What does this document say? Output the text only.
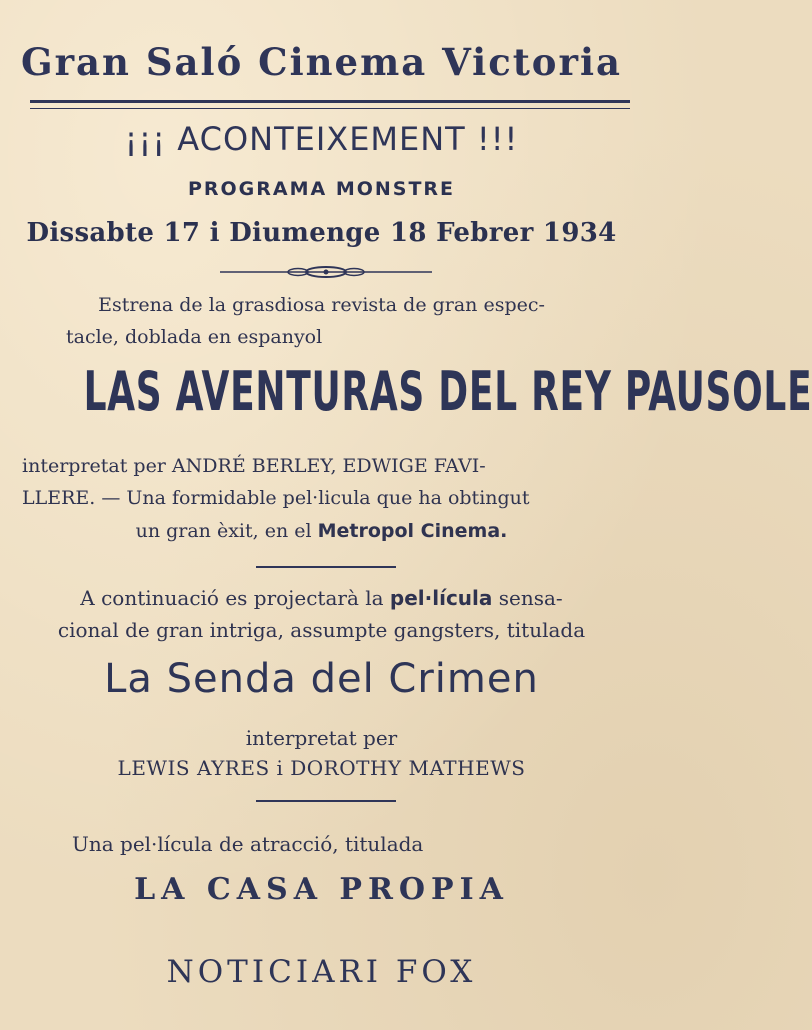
Gran Saló Cinema Victoria

¡¡¡ ACONTEIXEMENT !!!

PROGRAMA MONSTRE

Dissabte 17 i Diumenge 18 Febrer 1934

Estrena de la grasdiosa revista de gran espec-

tacle, doblada en espanyol

LAS AVENTURAS DEL REY PAUSOLE

interpretat per ANDRÉ BERLEY, EDWIGE FAVI-

LLERE. — Una formidable pel·licula que ha obtingut

un gran èxit, en el Metropol Cinema.

A continuació es projectarà la pel·lícula sensa-

cional de gran intriga, assumpte gangsters, titulada

La Senda del Crimen

interpretat per

LEWIS AYRES i DOROTHY MATHEWS

Una pel·lícula de atracció, titulada

LA CASA PROPIA

NOTICIARI FOX
